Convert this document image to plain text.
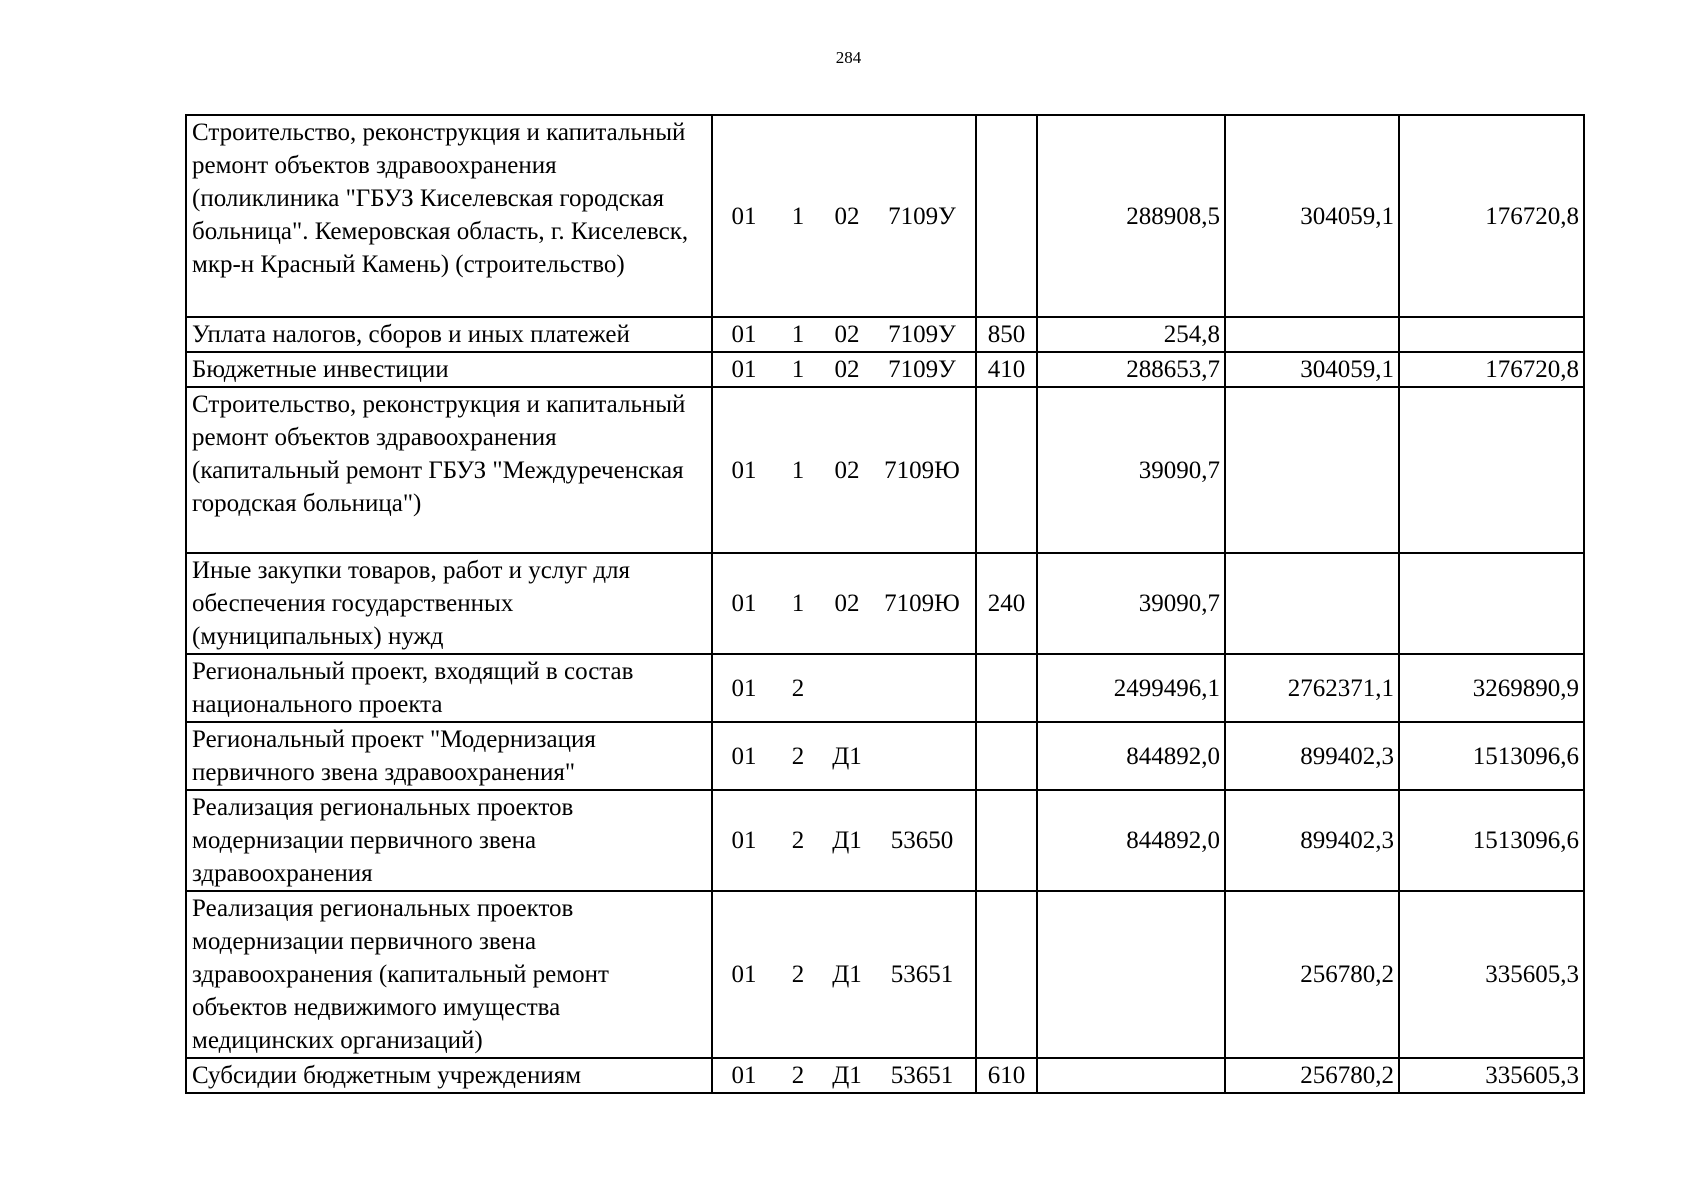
284
Строительство, реконструкция и капитальный ремонт объектов здравоохранения (поликлиника "ГБУЗ Киселевская городская больница". Кемеровская область, г. Киселевск, мкр-н Красный Камень) (строительство)	01 1 02 7109У		288908,5	304059,1	176720,8
Уплата налогов, сборов и иных платежей	01 1 02 7109У	850	254,8		
Бюджетные инвестиции	01 1 02 7109У	410	288653,7	304059,1	176720,8
Строительство, реконструкция и капитальный ремонт объектов здравоохранения (капитальный ремонт ГБУЗ "Междуреченская городская больница")	01 1 02 7109Ю		39090,7		
Иные закупки товаров, работ и услуг для обеспечения государственных (муниципальных) нужд	01 1 02 7109Ю	240	39090,7		
Региональный проект, входящий в состав национального проекта	01 2		2499496,1	2762371,1	3269890,9
Региональный проект "Модернизация первичного звена здравоохранения"	01 2 Д1		844892,0	899402,3	1513096,6
Реализация региональных проектов модернизации первичного звена здравоохранения	01 2 Д1 53650		844892,0	899402,3	1513096,6
Реализация региональных проектов модернизации первичного звена здравоохранения (капитальный ремонт объектов недвижимого имущества медицинских организаций)	01 2 Д1 53651			256780,2	335605,3
Субсидии бюджетным учреждениям	01 2 Д1 53651	610		256780,2	335605,3
